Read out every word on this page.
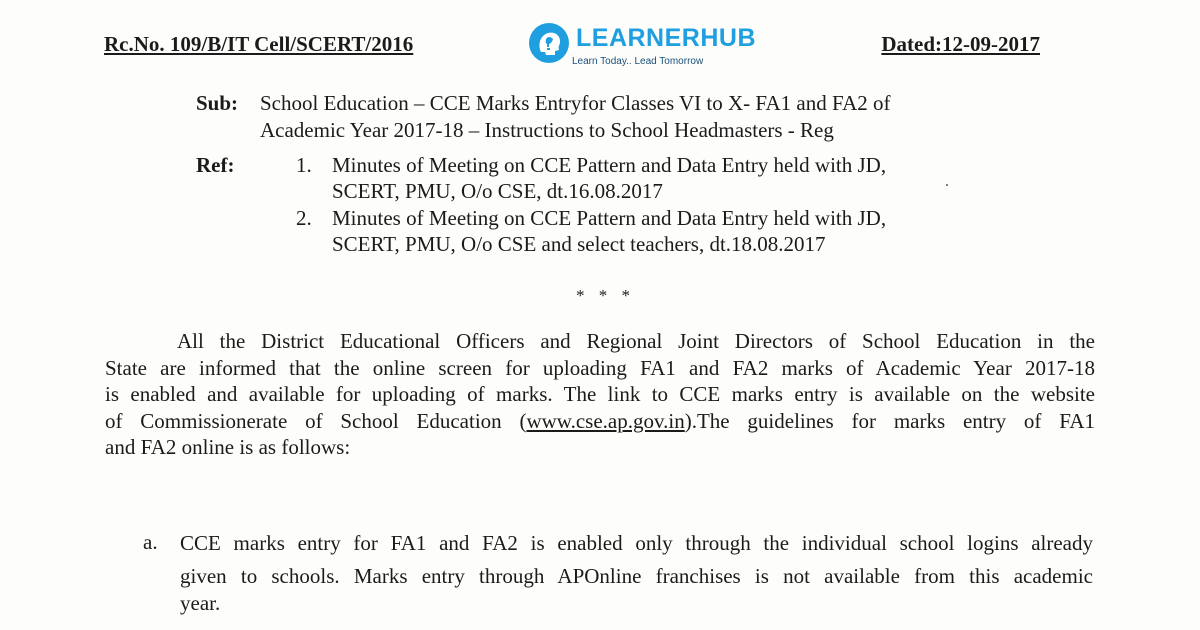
Rc.No. 109/B/IT Cell/SCERT/2016	LEARNERHUB
Learn Today.. Lead Tomorrow
Dated:12-09-2017
Sub: School Education – CCE Marks Entryfor Classes VI to X- FA1 and FA2 of
Academic Year 2017-18 – Instructions to School Headmasters - Reg
Ref:	1. Minutes of Meeting on CCE Pattern and Data Entry held with JD,
SCERT, PMU, O/o CSE, dt.16.08.2017
2. Minutes of Meeting on CCE Pattern and Data Entry held with JD,
SCERT, PMU, O/o CSE and select teachers, dt.18.08.2017
* * *
All the District Educational Officers and Regional Joint Directors of School Education in the
State are informed that the online screen for uploading FA1 and FA2 marks of Academic Year 2017-18
is enabled and available for uploading of marks. The link to CCE marks entry is available on the website
of Commissionerate of School Education (www.cse.ap.gov.in).The guidelines for marks entry of FA1
and FA2 online is as follows:
a. CCE marks entry for FA1 and FA2 is enabled only through the individual school logins already
given to schools. Marks entry through APOnline franchises is not available from this academic
year.
